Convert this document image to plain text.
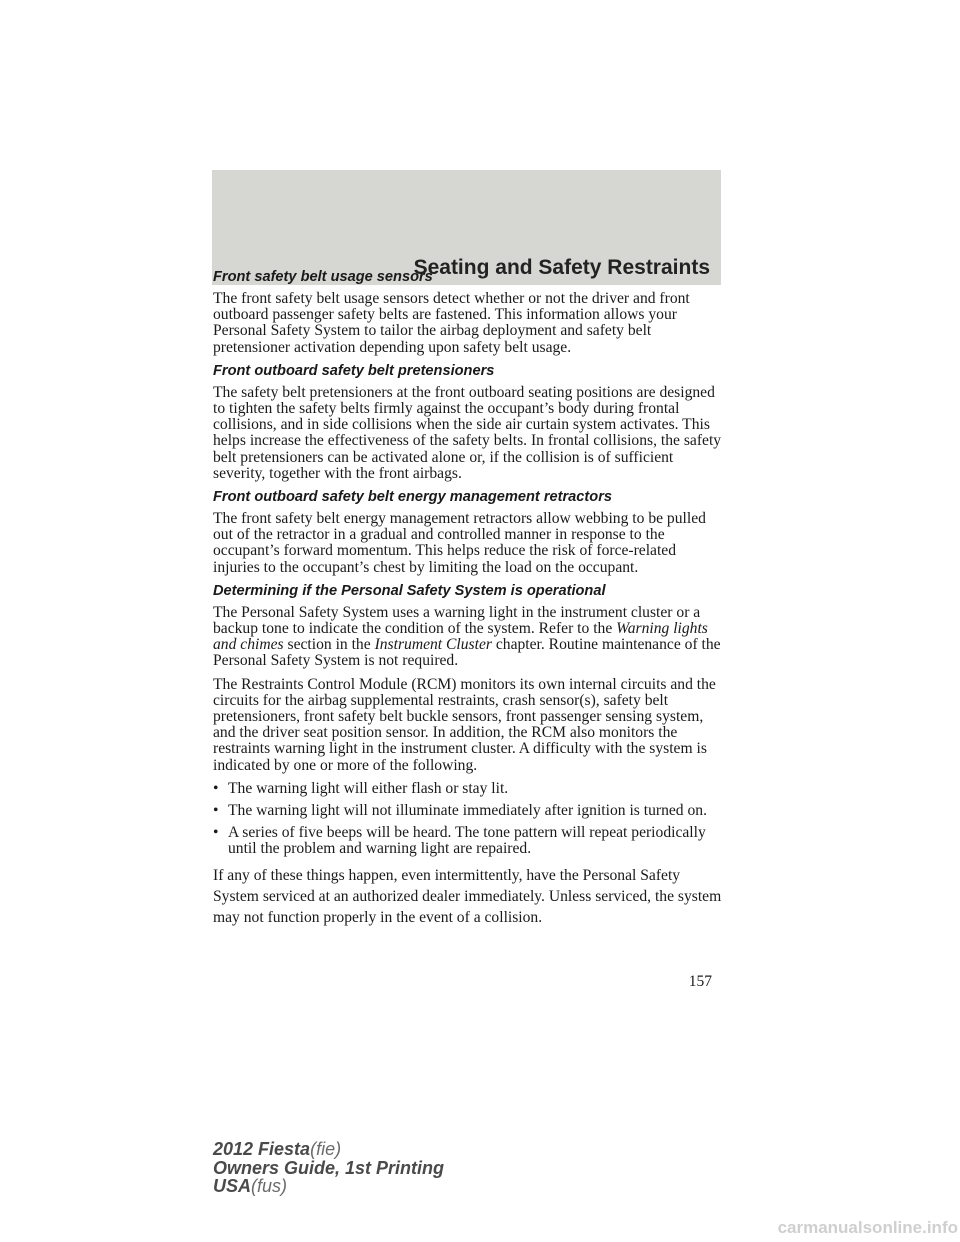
Seating and Safety Restraints
Front safety belt usage sensors

The front safety belt usage sensors detect whether or not the driver and front outboard passenger safety belts are fastened. This information allows your Personal Safety System to tailor the airbag deployment and safety belt pretensioner activation depending upon safety belt usage.

Front outboard safety belt pretensioners

The safety belt pretensioners at the front outboard seating positions are designed to tighten the safety belts firmly against the occupant’s body during frontal collisions, and in side collisions when the side air curtain system activates. This helps increase the effectiveness of the safety belts. In frontal collisions, the safety belt pretensioners can be activated alone or, if the collision is of sufficient severity, together with the front airbags.

Front outboard safety belt energy management retractors

The front safety belt energy management retractors allow webbing to be pulled out of the retractor in a gradual and controlled manner in response to the occupant’s forward momentum. This helps reduce the risk of force-related injuries to the occupant’s chest by limiting the load on the occupant.

Determining if the Personal Safety System is operational

The Personal Safety System uses a warning light in the instrument cluster or a backup tone to indicate the condition of the system. Refer to the Warning lights and chimes section in the Instrument Cluster chapter. Routine maintenance of the Personal Safety System is not required.

The Restraints Control Module (RCM) monitors its own internal circuits and the circuits for the airbag supplemental restraints, crash sensor(s), safety belt pretensioners, front safety belt buckle sensors, front passenger sensing system, and the driver seat position sensor. In addition, the RCM also monitors the restraints warning light in the instrument cluster. A difficulty with the system is indicated by one or more of the following.

• The warning light will either flash or stay lit.
• The warning light will not illuminate immediately after ignition is turned on.
• A series of five beeps will be heard. The tone pattern will repeat periodically until the problem and warning light are repaired.

If any of these things happen, even intermittently, have the Personal Safety System serviced at an authorized dealer immediately. Unless serviced, the system may not function properly in the event of a collision.

157
2012 Fiesta(fie)
Owners Guide, 1st Printing
USA(fus)
carmanualsonline.info
